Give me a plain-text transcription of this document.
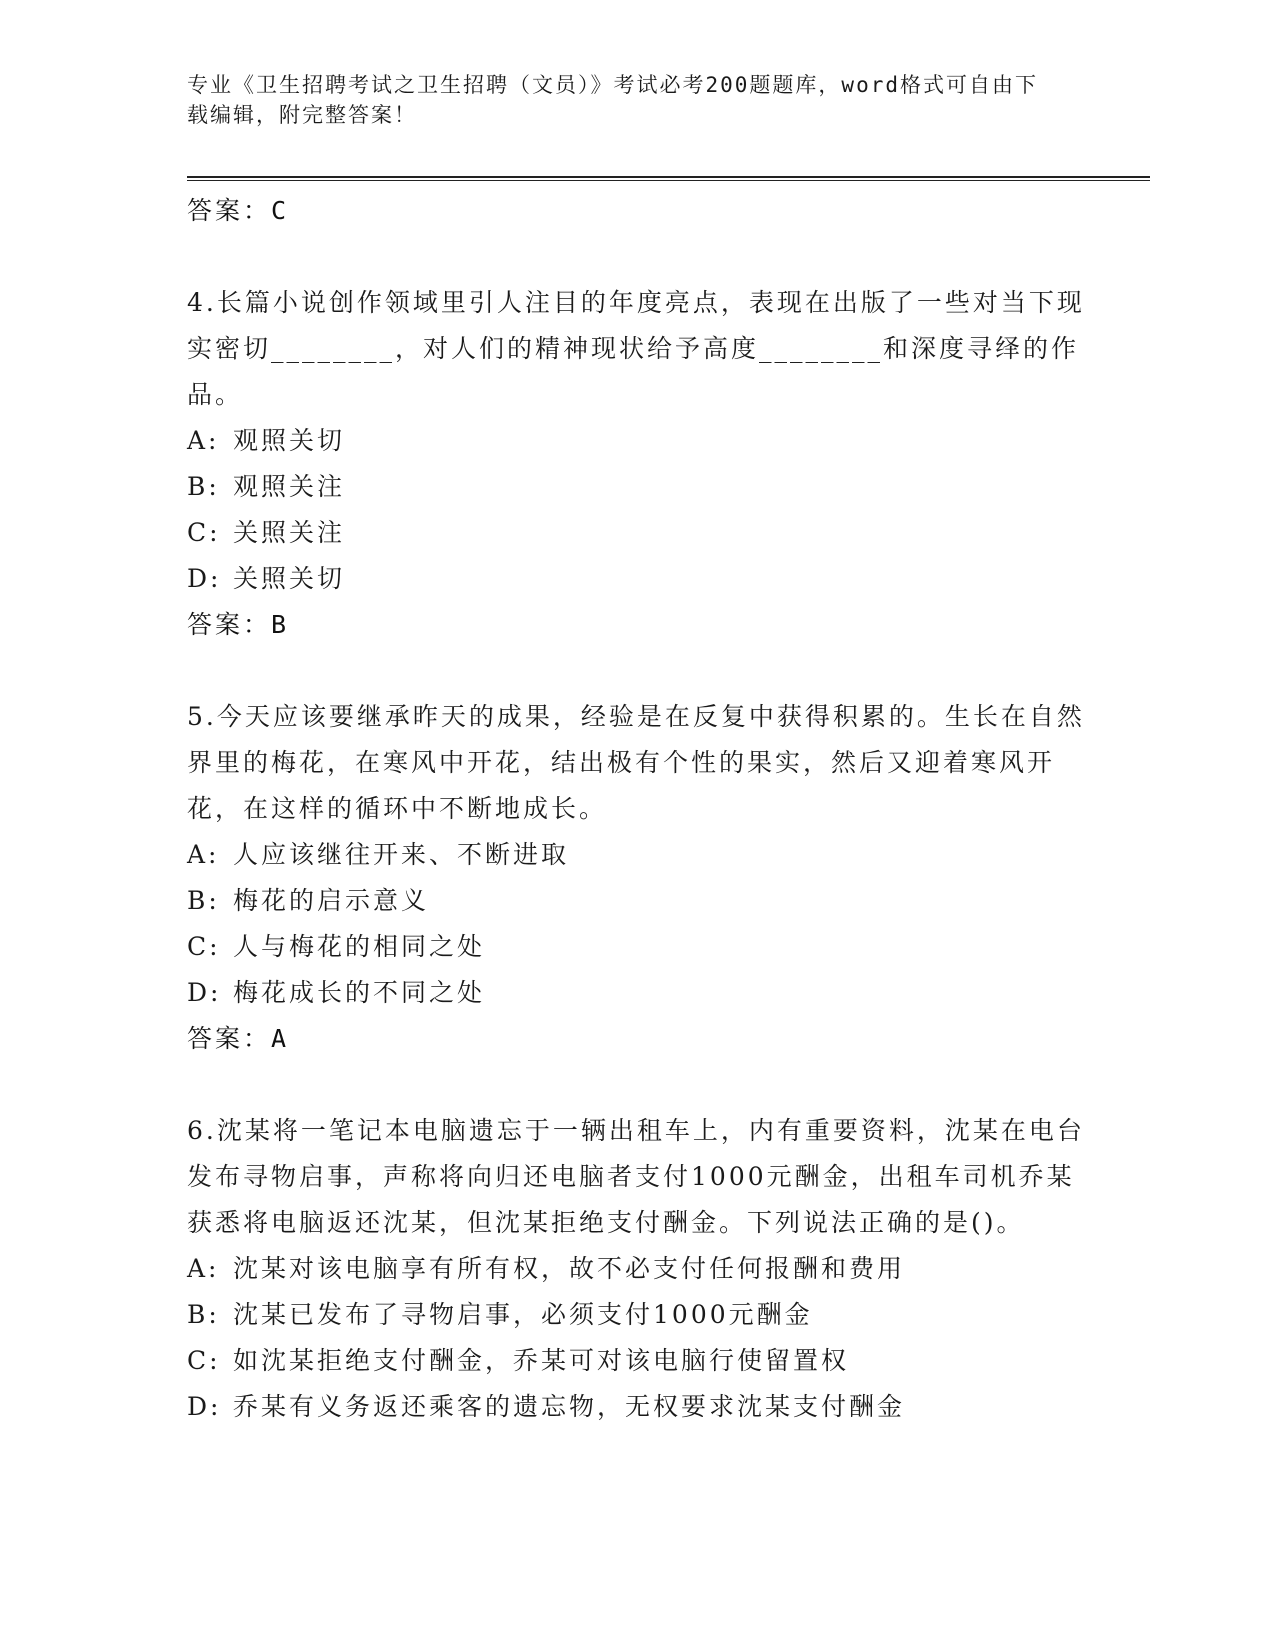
专业《卫生招聘考试之卫生招聘（文员）》考试必考200题题库，word格式可自由下载编辑，附完整答案！
答案：C
4.长篇小说创作领域里引人注目的年度亮点，表现在出版了一些对当下现实密切________，对人们的精神现状给予高度________和深度寻绎的作品。
A: 观照关切
B: 观照关注
C: 关照关注
D: 关照关切
答案：B
5.今天应该要继承昨天的成果，经验是在反复中获得积累的。生长在自然界里的梅花，在寒风中开花，结出极有个性的果实，然后又迎着寒风开花，在这样的循环中不断地成长。
A: 人应该继往开来、不断进取
B: 梅花的启示意义
C: 人与梅花的相同之处
D: 梅花成长的不同之处
答案：A
6.沈某将一笔记本电脑遗忘于一辆出租车上，内有重要资料，沈某在电台发布寻物启事，声称将向归还电脑者支付1000元酬金，出租车司机乔某获悉将电脑返还沈某，但沈某拒绝支付酬金。下列说法正确的是()。
A: 沈某对该电脑享有所有权，故不必支付任何报酬和费用
B: 沈某已发布了寻物启事，必须支付1000元酬金
C: 如沈某拒绝支付酬金，乔某可对该电脑行使留置权
D: 乔某有义务返还乘客的遗忘物，无权要求沈某支付酬金
